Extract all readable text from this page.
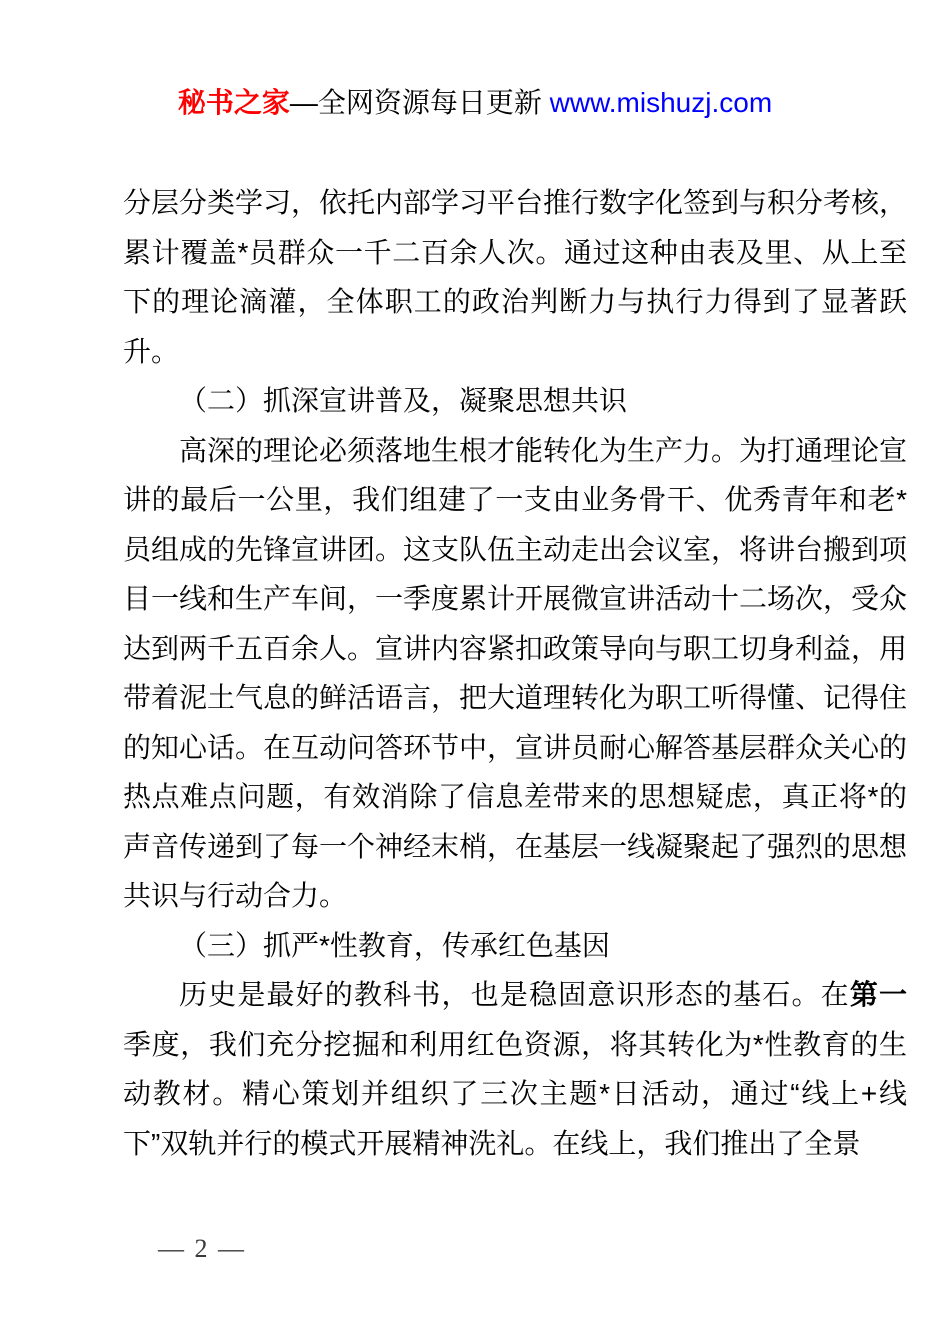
秘书之家—全网资源每日更新 www.mishuzj.com

分层分类学习，依托内部学习平台推行数字化签到与积分考核，累计覆盖*员群众一千二百余人次。通过这种由表及里、从上至下的理论滴灌，全体职工的政治判断力与执行力得到了显著跃升。

（二）抓深宣讲普及，凝聚思想共识

高深的理论必须落地生根才能转化为生产力。为打通理论宣讲的最后一公里，我们组建了一支由业务骨干、优秀青年和老*员组成的先锋宣讲团。这支队伍主动走出会议室，将讲台搬到项目一线和生产车间，一季度累计开展微宣讲活动十二场次，受众达到两千五百余人。宣讲内容紧扣政策导向与职工切身利益，用带着泥土气息的鲜活语言，把大道理转化为职工听得懂、记得住的知心话。在互动问答环节中，宣讲员耐心解答基层群众关心的热点难点问题，有效消除了信息差带来的思想疑虑，真正将*的声音传递到了每一个神经末梢，在基层一线凝聚起了强烈的思想共识与行动合力。

（三）抓严*性教育，传承红色基因

历史是最好的教科书，也是稳固意识形态的基石。在第一季度，我们充分挖掘和利用红色资源，将其转化为*性教育的生动教材。精心策划并组织了三次主题*日活动，通过“线上+线下”双轨并行的模式开展精神洗礼。在线上，我们推出了全景

— 2 —
